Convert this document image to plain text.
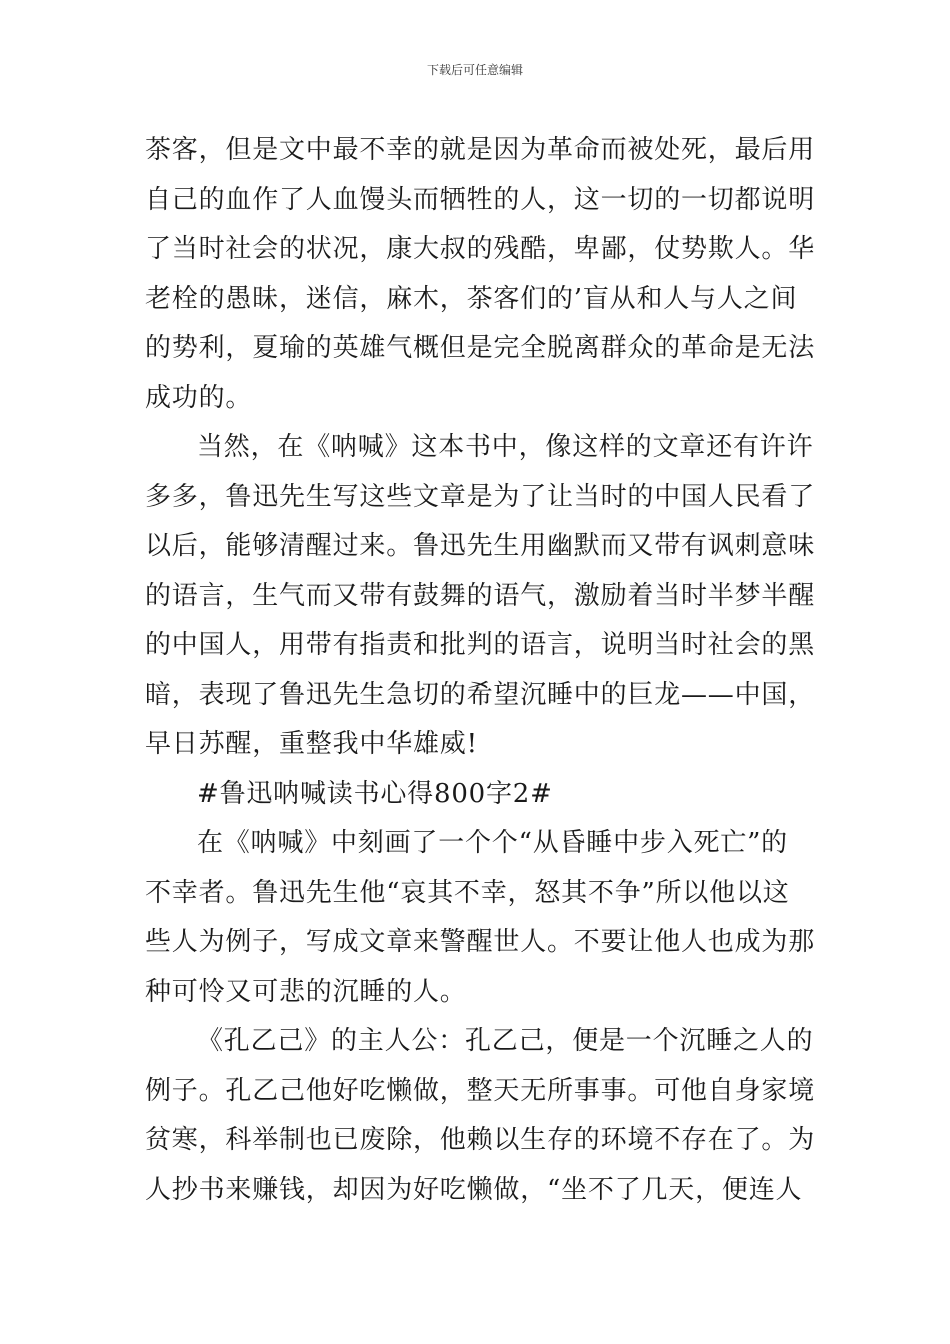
下载后可任意编辑
茶客，但是文中最不幸的就是因为革命而被处死，最后用
自己的血作了人血馒头而牺牲的人，这一切的一切都说明
了当时社会的状况，康大叔的残酷，卑鄙，仗势欺人。华
老栓的愚昧，迷信，麻木，茶客们的’盲从和人与人之间
的势利，夏瑜的英雄气概但是完全脱离群众的革命是无法
成功的。
当然，在《呐喊》这本书中，像这样的文章还有许许
多多，鲁迅先生写这些文章是为了让当时的中国人民看了
以后，能够清醒过来。鲁迅先生用幽默而又带有讽刺意味
的语言，生气而又带有鼓舞的语气，激励着当时半梦半醒
的中国人，用带有指责和批判的语言，说明当时社会的黑
暗，表现了鲁迅先生急切的希望沉睡中的巨龙——中国，
早日苏醒，重整我中华雄威!
#鲁迅呐喊读书心得800字2#
在《呐喊》中刻画了一个个“从昏睡中步入死亡”的
不幸者。鲁迅先生他“哀其不幸，怒其不争”所以他以这
些人为例子，写成文章来警醒世人。不要让他人也成为那
种可怜又可悲的沉睡的人。
《孔乙己》的主人公：孔乙己，便是一个沉睡之人的
例子。孔乙己他好吃懒做，整天无所事事。可他自身家境
贫寒，科举制也已废除，他赖以生存的环境不存在了。为
人抄书来赚钱，却因为好吃懒做，“坐不了几天，便连人
